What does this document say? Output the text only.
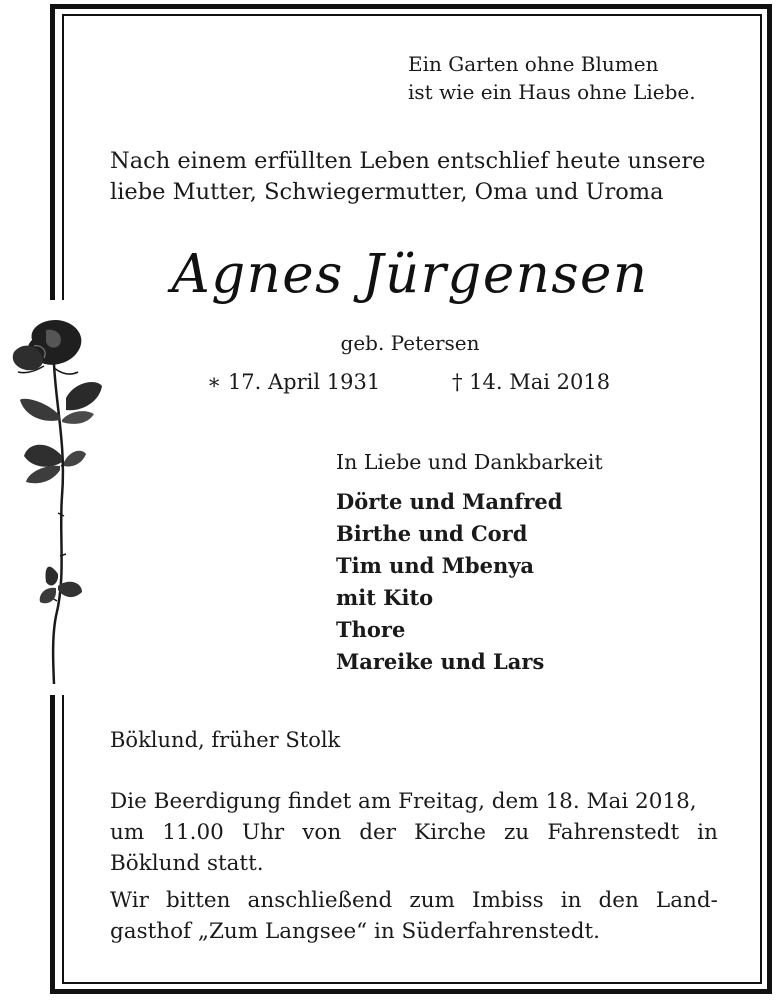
Ein Garten ohne Blumen
ist wie ein Haus ohne Liebe.
Nach einem erfüllten Leben entschlief heute unsere
liebe Mutter, Schwiegermutter, Oma und Uroma
Agnes Jürgensen
geb. Petersen
∗ 17. April 1931	† 14. Mai 2018
In Liebe und Dankbarkeit
Dörte und Manfred
Birthe und Cord
Tim und Mbenya
mit Kito
Thore
Mareike und Lars
Böklund, früher Stolk
Die Beerdigung findet am Freitag, dem 18. Mai 2018,
um 11.00 Uhr von der Kirche zu Fahrenstedt in
Böklund statt.
Wir bitten anschließend zum Imbiss in den Land-
gasthof „Zum Langsee“ in Süderfahrenstedt.
